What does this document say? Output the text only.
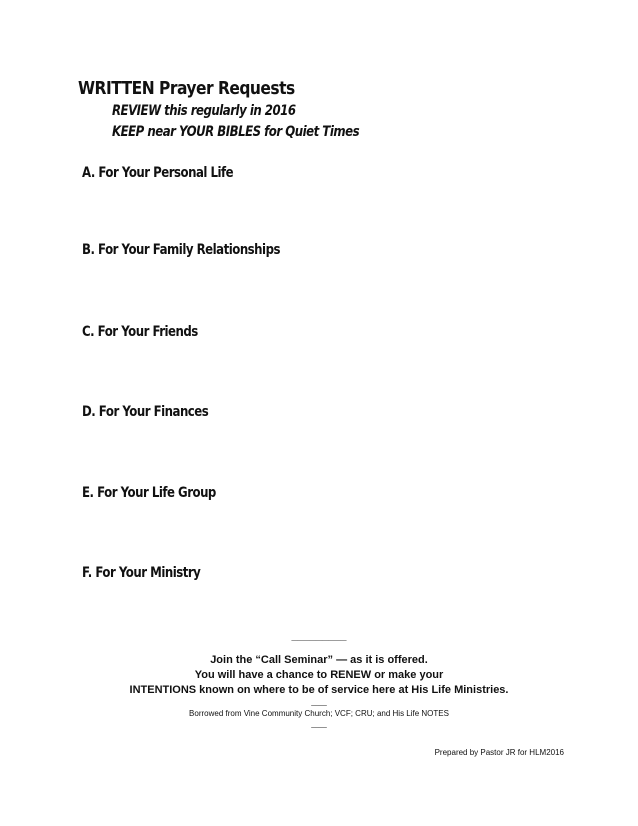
WRITTEN Prayer Requests
REVIEW this regularly in 2016
KEEP near YOUR BIBLES for Quiet Times
A. For Your Personal Life
B. For Your Family Relationships
C. For Your Friends
D. For Your Finances
E. For Your Life Group
F. For Your Ministry
_________
Join the “Call Seminar” — as it is offered.
You will have a chance to RENEW or make your
INTENTIONS known on where to be of service here at His Life Ministries.
____
Borrowed from Vine Community Church; VCF; CRU; and His Life NOTES
____
Prepared by Pastor JR for HLM2016
